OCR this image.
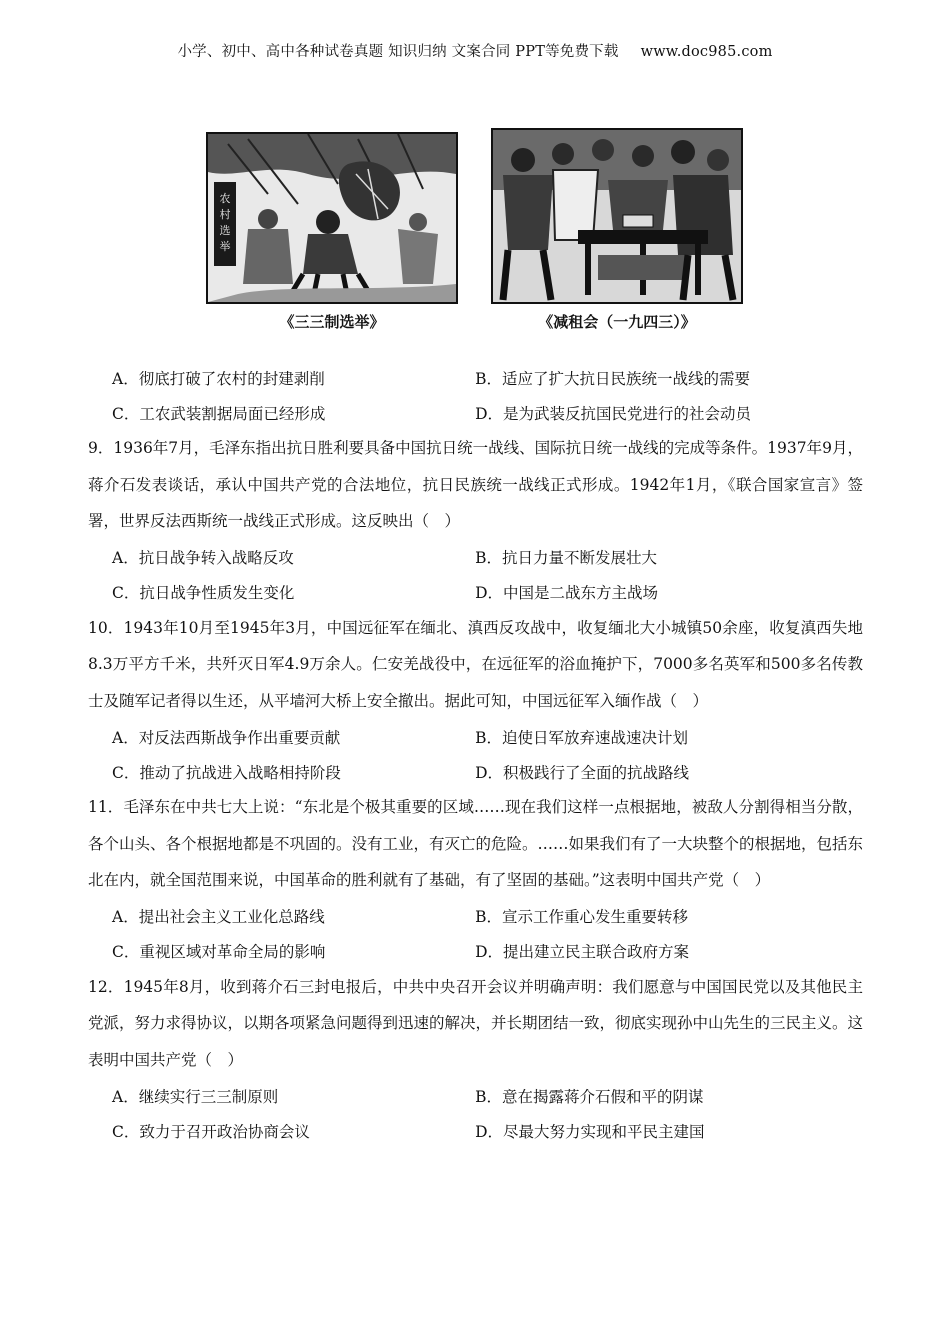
小学、初中、高中各种试卷真题 知识归纳 文案合同 PPT等免费下载 www.doc985.com
农
村
选
举
《三三制选举》	《减租会（一九四三）》
A．彻底打破了农村的封建剥削	B．适应了扩大抗日民族统一战线的需要
C．工农武装割据局面已经形成	D．是为武装反抗国民党进行的社会动员
9．1936年7月，毛泽东指出抗日胜利要具备中国抗日统一战线、国际抗日统一战线的完成等条件。1937年9月，蒋介石发表谈话，承认中国共产党的合法地位，抗日民族统一战线正式形成。1942年1月，《联合国家宣言》签署，世界反法西斯统一战线正式形成。这反映出（　）
A．抗日战争转入战略反攻	B．抗日力量不断发展壮大
C．抗日战争性质发生变化	D．中国是二战东方主战场
10．1943年10月至1945年3月，中国远征军在缅北、滇西反攻战中，收复缅北大小城镇50余座，收复滇西失地8.3万平方千米，共歼灭日军4.9万余人。仁安羌战役中，在远征军的浴血掩护下，7000多名英军和500多名传教士及随军记者得以生还，从平墙河大桥上安全撤出。据此可知，中国远征军入缅作战（　）
A．对反法西斯战争作出重要贡献	B．迫使日军放弃速战速决计划
C．推动了抗战进入战略相持阶段	D．积极践行了全面的抗战路线
11．毛泽东在中共七大上说：“东北是个极其重要的区域……现在我们这样一点根据地，被敌人分割得相当分散，各个山头、各个根据地都是不巩固的。没有工业，有灭亡的危险。……如果我们有了一大块整个的根据地，包括东北在内，就全国范围来说，中国革命的胜利就有了基础，有了坚固的基础。”这表明中国共产党（　）
A．提出社会主义工业化总路线	B．宣示工作重心发生重要转移
C．重视区域对革命全局的影响	D．提出建立民主联合政府方案
12．1945年8月，收到蒋介石三封电报后，中共中央召开会议并明确声明：我们愿意与中国国民党以及其他民主党派，努力求得协议，以期各项紧急问题得到迅速的解决，并长期团结一致，彻底实现孙中山先生的三民主义。这表明中国共产党（　）
A．继续实行三三制原则	B．意在揭露蒋介石假和平的阴谋
C．致力于召开政治协商会议	D．尽最大努力实现和平民主建国
